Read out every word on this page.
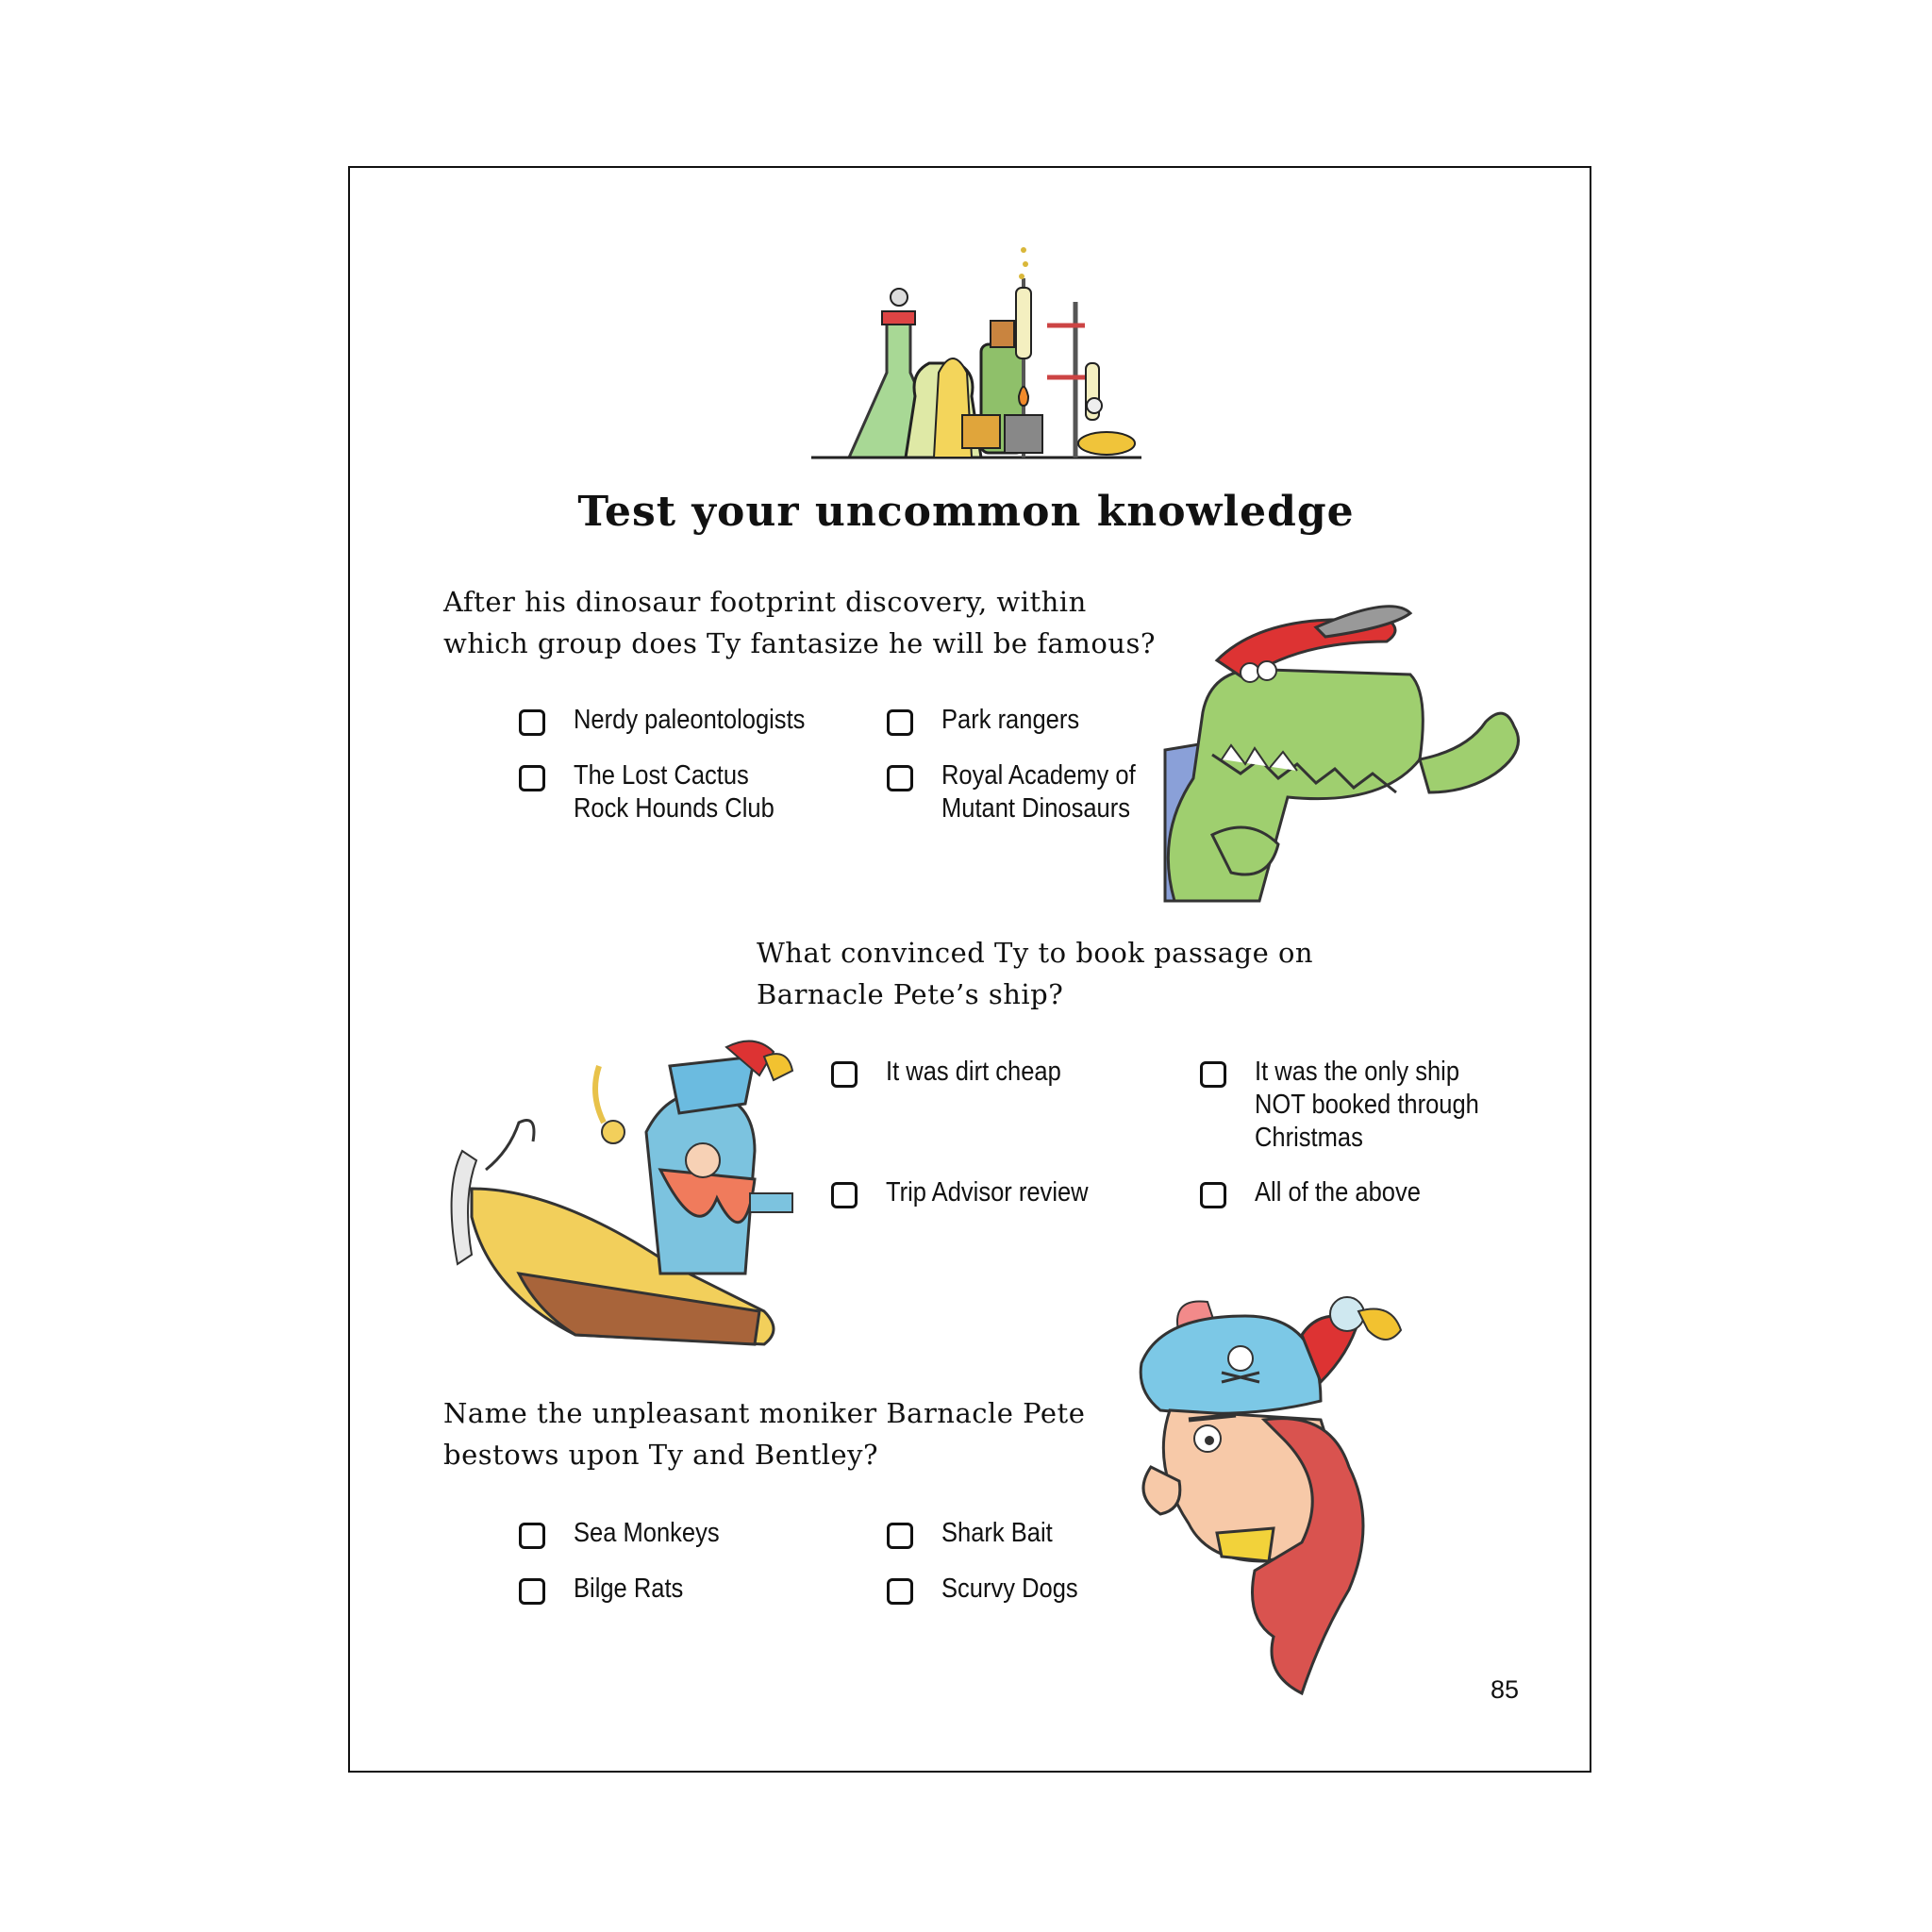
Test your uncommon knowledge
After his dinosaur footprint discovery, within
which group does Ty fantasize he will be famous?
Nerdy paleontologists	Park rangers
The Lost Cactus
Rock Hounds Club
Royal Academy of
Mutant Dinosaurs
What convinced Ty to book passage on
Barnacle Pete’s ship?
It was dirt cheap	It was the only ship
NOT booked through
Christmas
Trip Advisor review	All of the above
Name the unpleasant moniker Barnacle Pete
bestows upon Ty and Bentley?
Sea Monkeys	Shark Bait
Bilge Rats	Scurvy Dogs
85
